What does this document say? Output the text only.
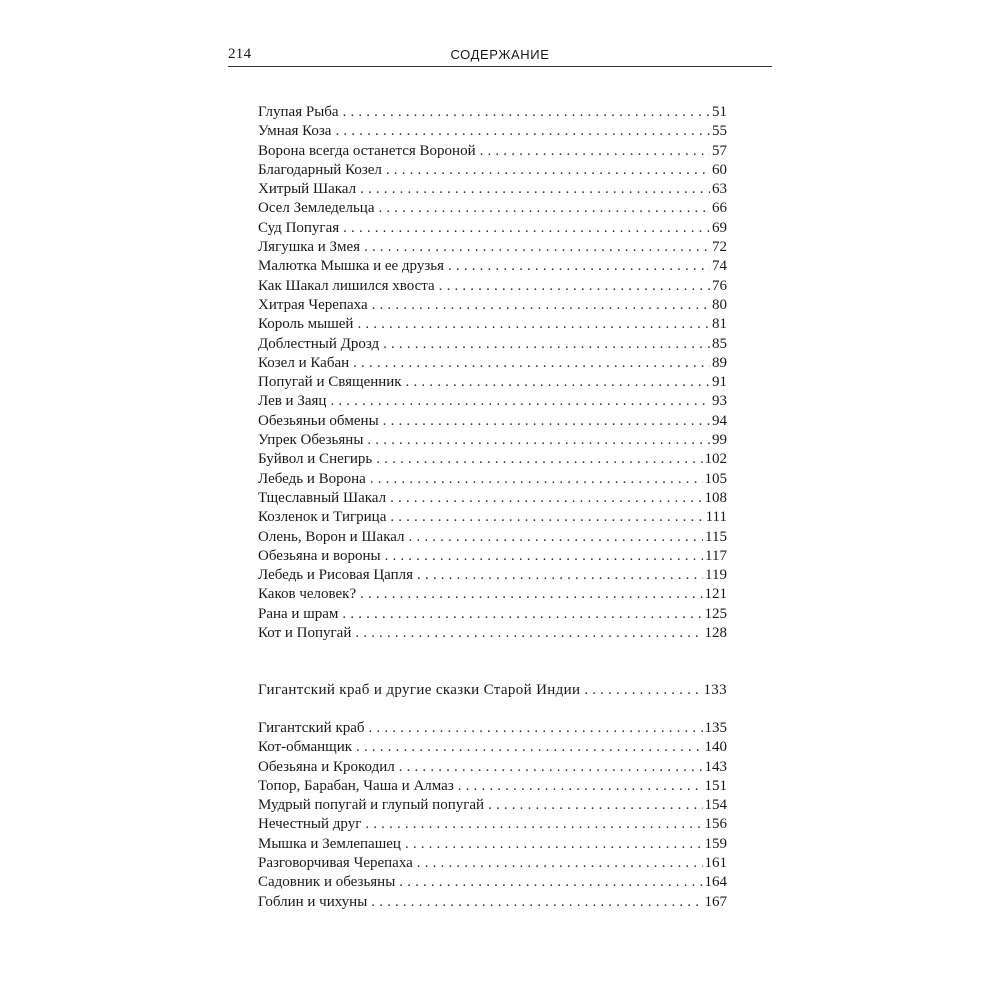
214	СОДЕРЖАНИЕ
Глупая Рыба . . .	51
Умная Коза . . .	55
Ворона всегда останется Вороной . . .	57
Благодарный Козел . . .	60
Хитрый Шакал . . .	63
Осел Земледельца . . .	66
Суд Попугая . . .	69
Лягушка и Змея . . .	72
Малютка Мышка и ее друзья . . .	74
Как Шакал лишился хвоста . . .	76
Хитрая Черепаха . . .	80
Король мышей . . .	81
Доблестный Дрозд . . .	85
Козел и Кабан . . .	89
Попугай и Священник . . .	91
Лев и Заяц . . .	93
Обезьяньи обмены . . .	94
Упрек Обезьяны . . .	99
Буйвол и Снегирь . . .	102
Лебедь и Ворона . . .	105
Тщеславный Шакал . . .	108
Козленок и Тигрица . . .	111
Олень, Ворон и Шакал . . .	115
Обезьяна и вороны . . .	117
Лебедь и Рисовая Цапля . . .	119
Каков человек? . . .	121
Рана и шрам . . .	125
Кот и Попугай . . .	128
Гигантский краб и другие сказки Старой Индии . . .	133
Гигантский краб . . .	135
Кот-обманщик . . .	140
Обезьяна и Крокодил . . .	143
Топор, Барабан, Чаша и Алмаз . . .	151
Мудрый попугай и глупый попугай . . .	154
Нечестный друг . . .	156
Мышка и Землепашец . . .	159
Разговорчивая Черепаха . . .	161
Садовник и обезьяны . . .	164
Гоблин и чихуны . . .	167
